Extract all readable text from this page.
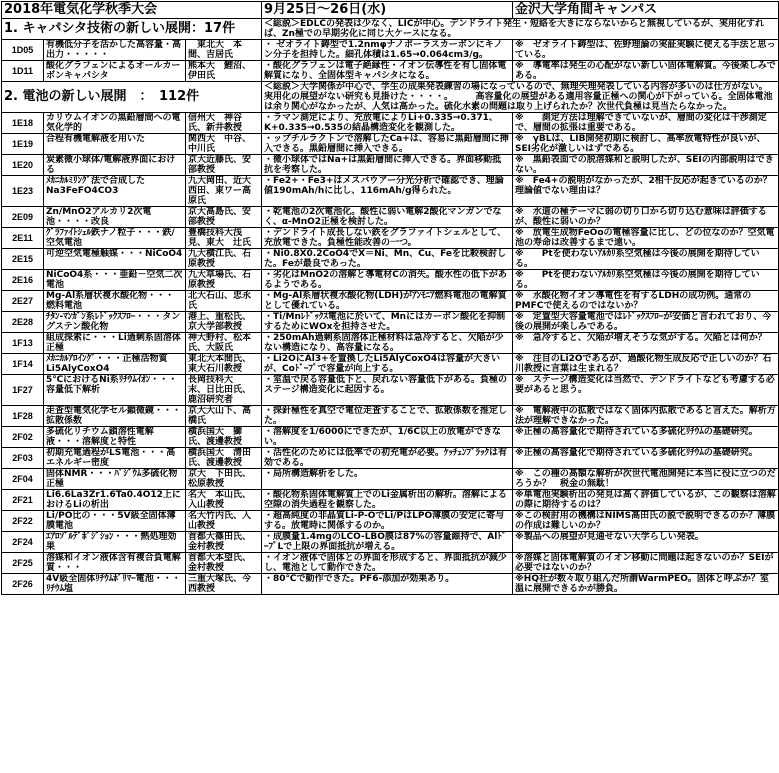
2018年電気化学秋季大会			9月25日～26日(水)	金沢大学角間キャンパス
1. キャパシタ技術の新しい展開：17件			＜総説＞EDLCの発表は少なく、LICが中心。デンドライト発生・短絡を大きにならないからと無視しているが、実用化すれば、Zn極での早期劣化に同じ大ケースになる。	
1D05	有機低分子を活かした高容量・高出力・・・・・	　東北大　本間、吉居氏	・ ゼオライト鋳型で1.2nmφナノポーラスカーボンにキノン分子を担持した。細孔体積は1.65→0.064cm3/g。	※　ゼオライト鋳型は、佐野理論の実証実験に使える手法と思っている。
1D11	酸化グラフェンによるオールカーボンキャパシタ	熊本大　鯉沼、伊田氏	・酸化グラフェンは電子絶縁性・イオン伝導性を有し固体電解質になり、全固体型キャパシタになる。	※　導電率は発生の心配がない新しい固体電解質。今後楽しみである。
2. 電池の新しい展開　：　112件			＜総説＞大学関係が中心で、学生の成果発表練習の場になっているので、無理矢理発表している内容が多いのは仕方がない。実用化の展望がない研究も見掛けた・・・・。　　　高容量化の展望がある適用容量正極への関心が下がっている。全固体電池は余り関心がなかったが、人気は高かった。硫化水素の問題は取り上げられたか？次世代負極は見当たらなかった。	
1E18	カリウムイオンの黒鉛層間への電気化学的	信州大　神谷氏、新井教授	・ラマン測定により、充放電によりLi+0.335→0.371、K+0.335→0.535の結晶構造変化を観測した。	※　　測定方法は理解できていないが、層間の変化は干渉測定で、層間の拡張は重要である。
1E19	合程有機電解液を用いた	関西大　中谷、中川氏	・ップチルラクトンで溶解したCa+は、容易に黒鉛層間に挿入できる。黒鉛層間に挿入できる。	※　γBLは、LIB開発初期に検討し、高率放電特性が良いが、SEI劣化が激しいはずである。
1E20	炭素微小球体/電解液界面における	京大近藤氏、安部教授	・微小球体ではNa+は黒鉛層間に挿入できる。界面移動抵抗を考察した。	※　黒鉛表面での脱溶媒和と説明したが、SEIの内部説明はできない。
1E23	ﾒｶﾆｶﾙﾐﾘﾝｸﾞ法で合成したNa3FeFO4CO3	九大岡田、近大西田、東ワー高原氏	・Fe2+・Fe3+はメスバウアー分光分析で確認でき、理論値190mAh/hに比し、116mAh/g得られた。	※　Fe4+の説明がなかったが、2相千反応が起きているのか？理論値でない理由は？
2E09	Zn/MnO2アルカリ2次電池・・・・改良	京大高島氏、安部教授	・乾電池の2次電池化。酸性に弱い電解2酸化マンガンでなく、α-MnO2正極を検討した。	※　水道の極テーマに弱の切り口から切り込む意味は評価するが、酸性に弱いのか？
2E11	ｸﾞﾗﾌｧｲﾄｼｪﾙ鉄ナノ粒子・・・鉄/空気電池	豊橋技科大浅見、東大　辻氏	・デンドライト成長しない鉄をグラファイトシェルとして、充放電できた。負極性能改善の一つ。	※　放電生成物FeOoの電極容量に比し、どの位なのか？空気電池の寿命は改善するまで遠い。
2E15	可逆空気電極触媒・・・NiCoO4	九大横江氏、石原教授	・Ni0.8X0.2CoO4でX＝Ni、Mn、Cu、Feを比較検討した。Feが最良であった。	※　　Ptを使わないｱﾙｶﾘ系空気極は今後の展開を期待している。
2E16	NiCoO4系・・・亜鉛－空気二次電池	九大草場氏、石原教授	・劣化はMnO2の溶解と導電材Cの消失。酸水性の低下があるようである。	※　　Ptを使わないｱﾙｶﾘ系空気極は今後の展開を期待している。
2E27	Mg-Al系層状複水酸化物・・・燃料電池	北大石山、忠永氏	・Mg-Al系層状複水酸化物(LDH)がｱﾝﾓﾆｱ燃料電池の電解質として優れている。	※　水酸化物イオン導電性を有するLDHの成功例。通常のPMFCで使えるのではないか？
2E28	ﾁﾀﾝ-ﾏﾝｶﾞﾝ系ﾚﾄﾞｯｸｽﾌﾛｰ・・・タングステン酸化物	港上、重松氏、京大学部教授	・Ti/Mnﾚﾄﾞｯｸｽ電池に於いて、Mnにはカーボン酸化を抑制するためにWOxを担持させた。	※　定置型大容量電池ではﾚﾄﾞｯｸｽﾌﾛｰが安価と言われており、今後の展開が楽しみである。
1F13	組成探索に・・・Li過剰系固溶体正極	神大野村、松本氏、大阪氏	・250mAh過剰系固溶体正極材料は急冷すると、欠陥が少ない構造になり、高容量になる。	※　急冷すると、欠陥が増えそうな気がする。欠陥とは何か？
1F14	ﾒｶﾆｶﾙｱﾛｲﾝｸﾞ・・・正極活物質Li5AlyCoxO4	東北大本間氏、東大石川教授	・Li2OにAl3+を置換したLi5AlyCoxO4は容量が大きいが、Coﾄﾞｰﾌﾟで容量が向上する。	※　注目のLi2Oであるが、過酸化物生成反応で正しいのか？石川教授に言葉は生まれる？
1F27	5℃におけるNi系ﾘﾁｳﾑｲｵﾝ・・・容量低下解析	長岡技科大　末、日比田氏、鹿沼研究者	・室温で戻る容量低下と、戻れない容量低下がある。負極のステージ構造変化に起因する。	※　ステージ構造変化は当然で、デンドライトなども考慮する必要があると思う。
1F28	走査型電気化学セル顕微鏡・・・拡散係数	京大大山下、高橋氏	・探針極性を真空で電位走査することで、拡散係数を推定した。	※　電解液中の拡散ではなく固体内拡散であると言えた。解析方法が理解できなかった。
2F02	多硫化リチウム鎖溶性電解液・・・溶解度と特性	横浜国大　獅氏、渡邊教授	・溶解度を1/6000にできたが、1/6C以上の放電ができない。	※正極の高容量化で期待されている多硫化ﾘﾁｳﾑの基礎研究。
2F03	初期充電過程がLS電池・・・高エネルギー密度	横浜国大　清田氏、渡邊教授	・活性化のためには低率での初充電が必要。ｹｯﾁｪﾝﾌﾞﾗｯｸは有効である。	※正極の高容量化で期待されている多硫化ﾘﾁｳﾑの基礎研究。
2F04	固体NMR・・・ﾊﾟｼﾞｳﾑ多硫化物正極	京大　下田氏、松原教授	・局所構造解析をした。	※　この種の高額な解析が次世代電池開発に本当に役に立つのだろうか？　税金の無駄！
2F21	Li6.6La3Zr1.6Ta0.4O12上におけるLiの析出	名大　本山氏、入山教授	・酸化物系固体電解質上でのLi金属析出の解析。溶解による空隙の消失過程を観察した。	※単電池実験析出の発見は高く評価しているが、この観察は溶解の際に期待するのは？
2F22	Li/PO比の・・・5V級全固体薄膜電池	名大竹内氏、入山教授	・超高純度の非晶質Li-P-OでLi/PはLPO薄膜の安定に寄与する。放電時に関係するのか。	※この検討用の機構はNIMS高田氏の説で説明できるのか？薄膜の作成は難しいのか？
2F24	ｴｱﾛｿﾞﾙﾃﾞﾎﾟｼﾞｼｮﾝ・・・熱処理効果	首都大篠田氏、金村教授	・成膜量1.4mgのLCO-LBO膜は87%の容量維持で、AlﾄﾞｰﾌﾟLで上限の界面抵抗が増える。	※製品への展望が見通せない大学らしい発表。
2F25	溶媒和イオン液体含有複合負電解質・・・	首都大本望氏、金村教授	・イオン液体で固体との界面を形成すると、界面抵抗が減少し、電池として動作できた。	※溶媒と固体電解質のイオン移動に問題は起きないのか？SEIが必要ではないのか？
2F26	4V級全固体ﾘﾁｳﾑﾎﾟﾘﾏｰ電池・・・ﾘﾁｳﾑ塩	三重大塚氏、今西教授	・80℃で動作できた。PF6-添加が効果あり。	※HQ社が数々取り組んだ所謂WarmPEO。固体と呼ぶか？室温に展開できるかが勝負。
